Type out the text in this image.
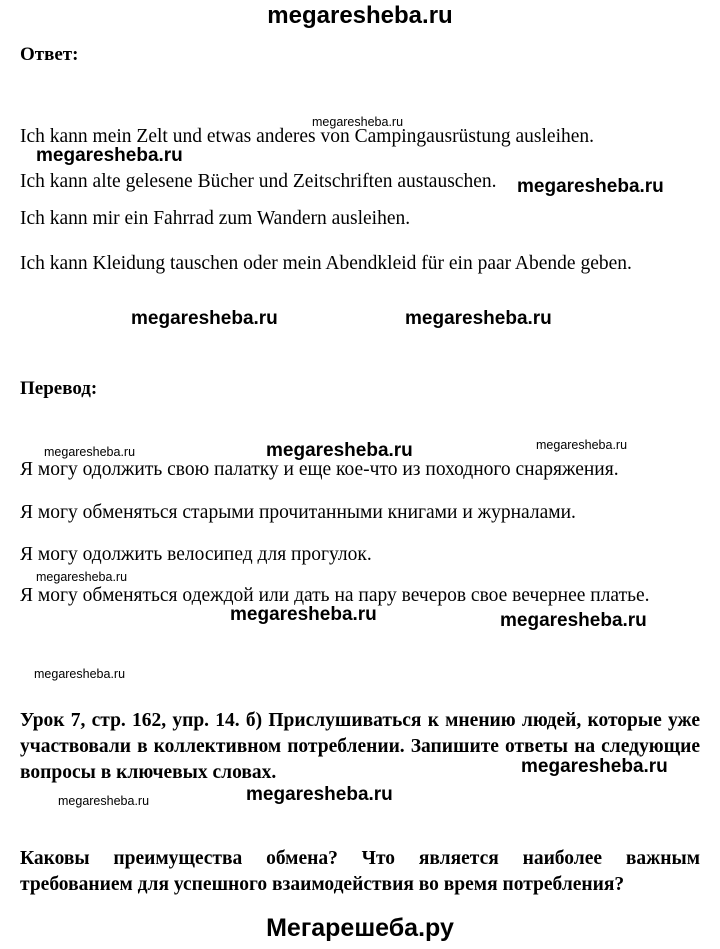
megaresheba.ru
Ответ:
megaresheba.ru
Ich kann mein Zelt und etwas anderes von Campingausrüstung ausleihen.
megaresheba.ru
Ich kann alte gelesene Bücher und Zeitschriften austauschen. megaresheba.ru
Ich kann mir ein Fahrrad zum Wandern ausleihen.
Ich kann Kleidung tauschen oder mein Abendkleid für ein paar Abende geben.
megaresheba.ru	megaresheba.ru
Перевод:
megaresheba.ru	megaresheba.ru	megaresheba.ru
Я могу одолжить свою палатку и еще кое-что из походного снаряжения.
Я могу обменяться старыми прочитанными книгами и журналами.
Я могу одолжить велосипед для прогулок.
megaresheba.ru
Я могу обменяться одеждой или дать на пару вечеров свое вечернее платье.
megaresheba.ru	megaresheba.ru
megaresheba.ru
Урок 7, стр. 162, упр. 14. б) Прислушиваться к мнению людей, которые уже участвовали в коллективном потреблении. Запишите ответы на следующие вопросы в ключевых словах.	megaresheba.ru
megaresheba.ru	megaresheba.ru
Каковы преимущества обмена? Что является наиболее важным требованием для успешного взаимодействия во время потребления?
Мегарешеба.ру
